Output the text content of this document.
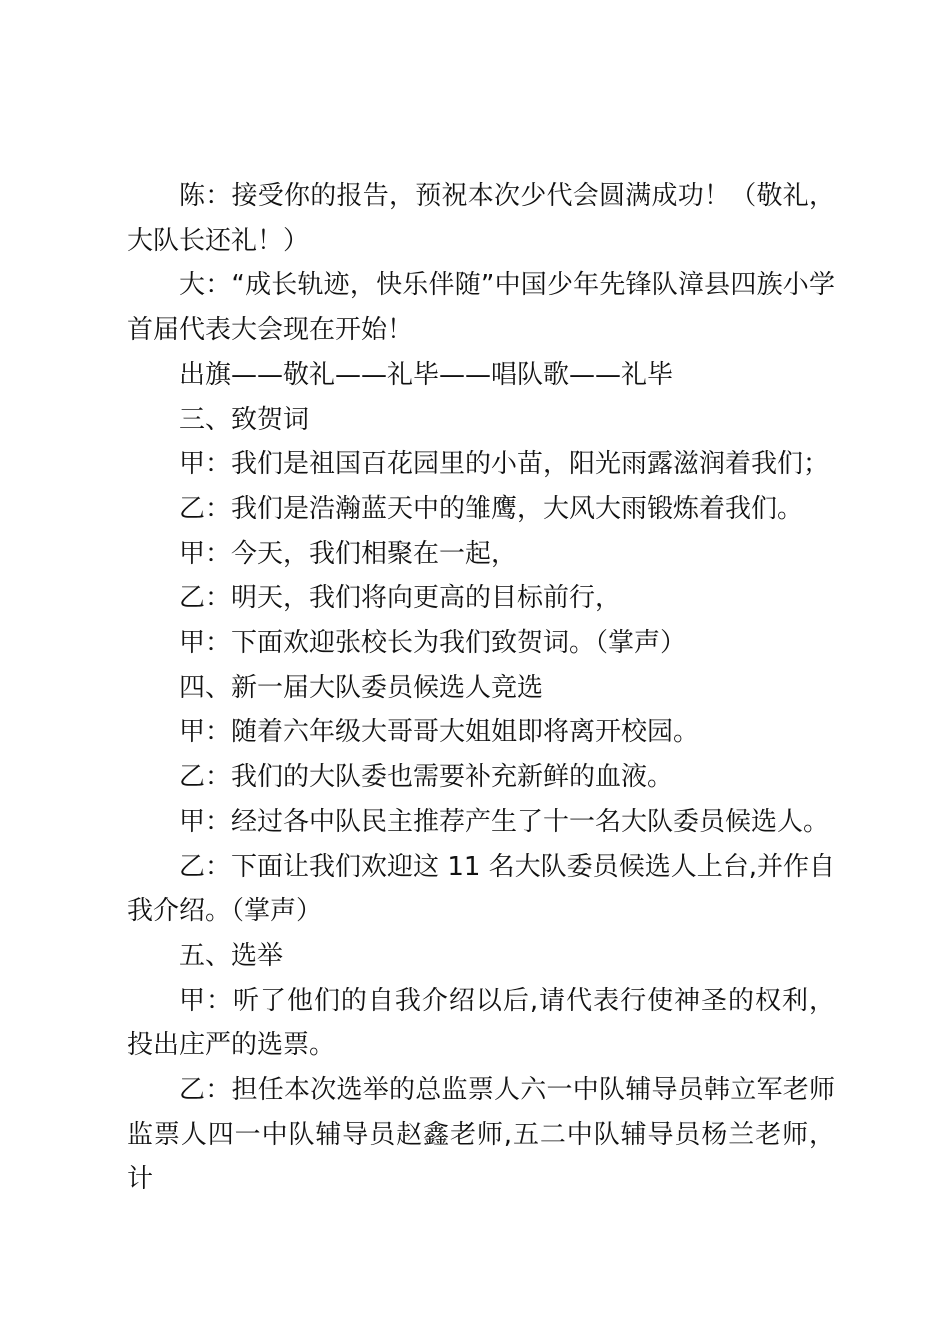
陈：接受你的报告，预祝本次少代会圆满成功！（敬礼，大队长还礼！）

大：“成长轨迹，快乐伴随”中国少年先锋队漳县四族小学首届代表大会现在开始！

出旗——敬礼——礼毕——唱队歌——礼毕

三、致贺词

甲：我们是祖国百花园里的小苗，阳光雨露滋润着我们；

乙：我们是浩瀚蓝天中的雏鹰，大风大雨锻炼着我们。

甲：今天，我们相聚在一起，

乙：明天，我们将向更高的目标前行，

甲：下面欢迎张校长为我们致贺词。（掌声）

四、新一届大队委员候选人竞选

甲：随着六年级大哥哥大姐姐即将离开校园。

乙：我们的大队委也需要补充新鲜的血液。

甲：经过各中队民主推荐产生了十一名大队委员候选人。

乙：下面让我们欢迎这 11 名大队委员候选人上台,并作自我介绍。（掌声）

五、选举

甲：听了他们的自我介绍以后,请代表行使神圣的权利，投出庄严的选票。

乙：担任本次选举的总监票人六一中队辅导员韩立军老师监票人四一中队辅导员赵鑫老师,五二中队辅导员杨兰老师，计
